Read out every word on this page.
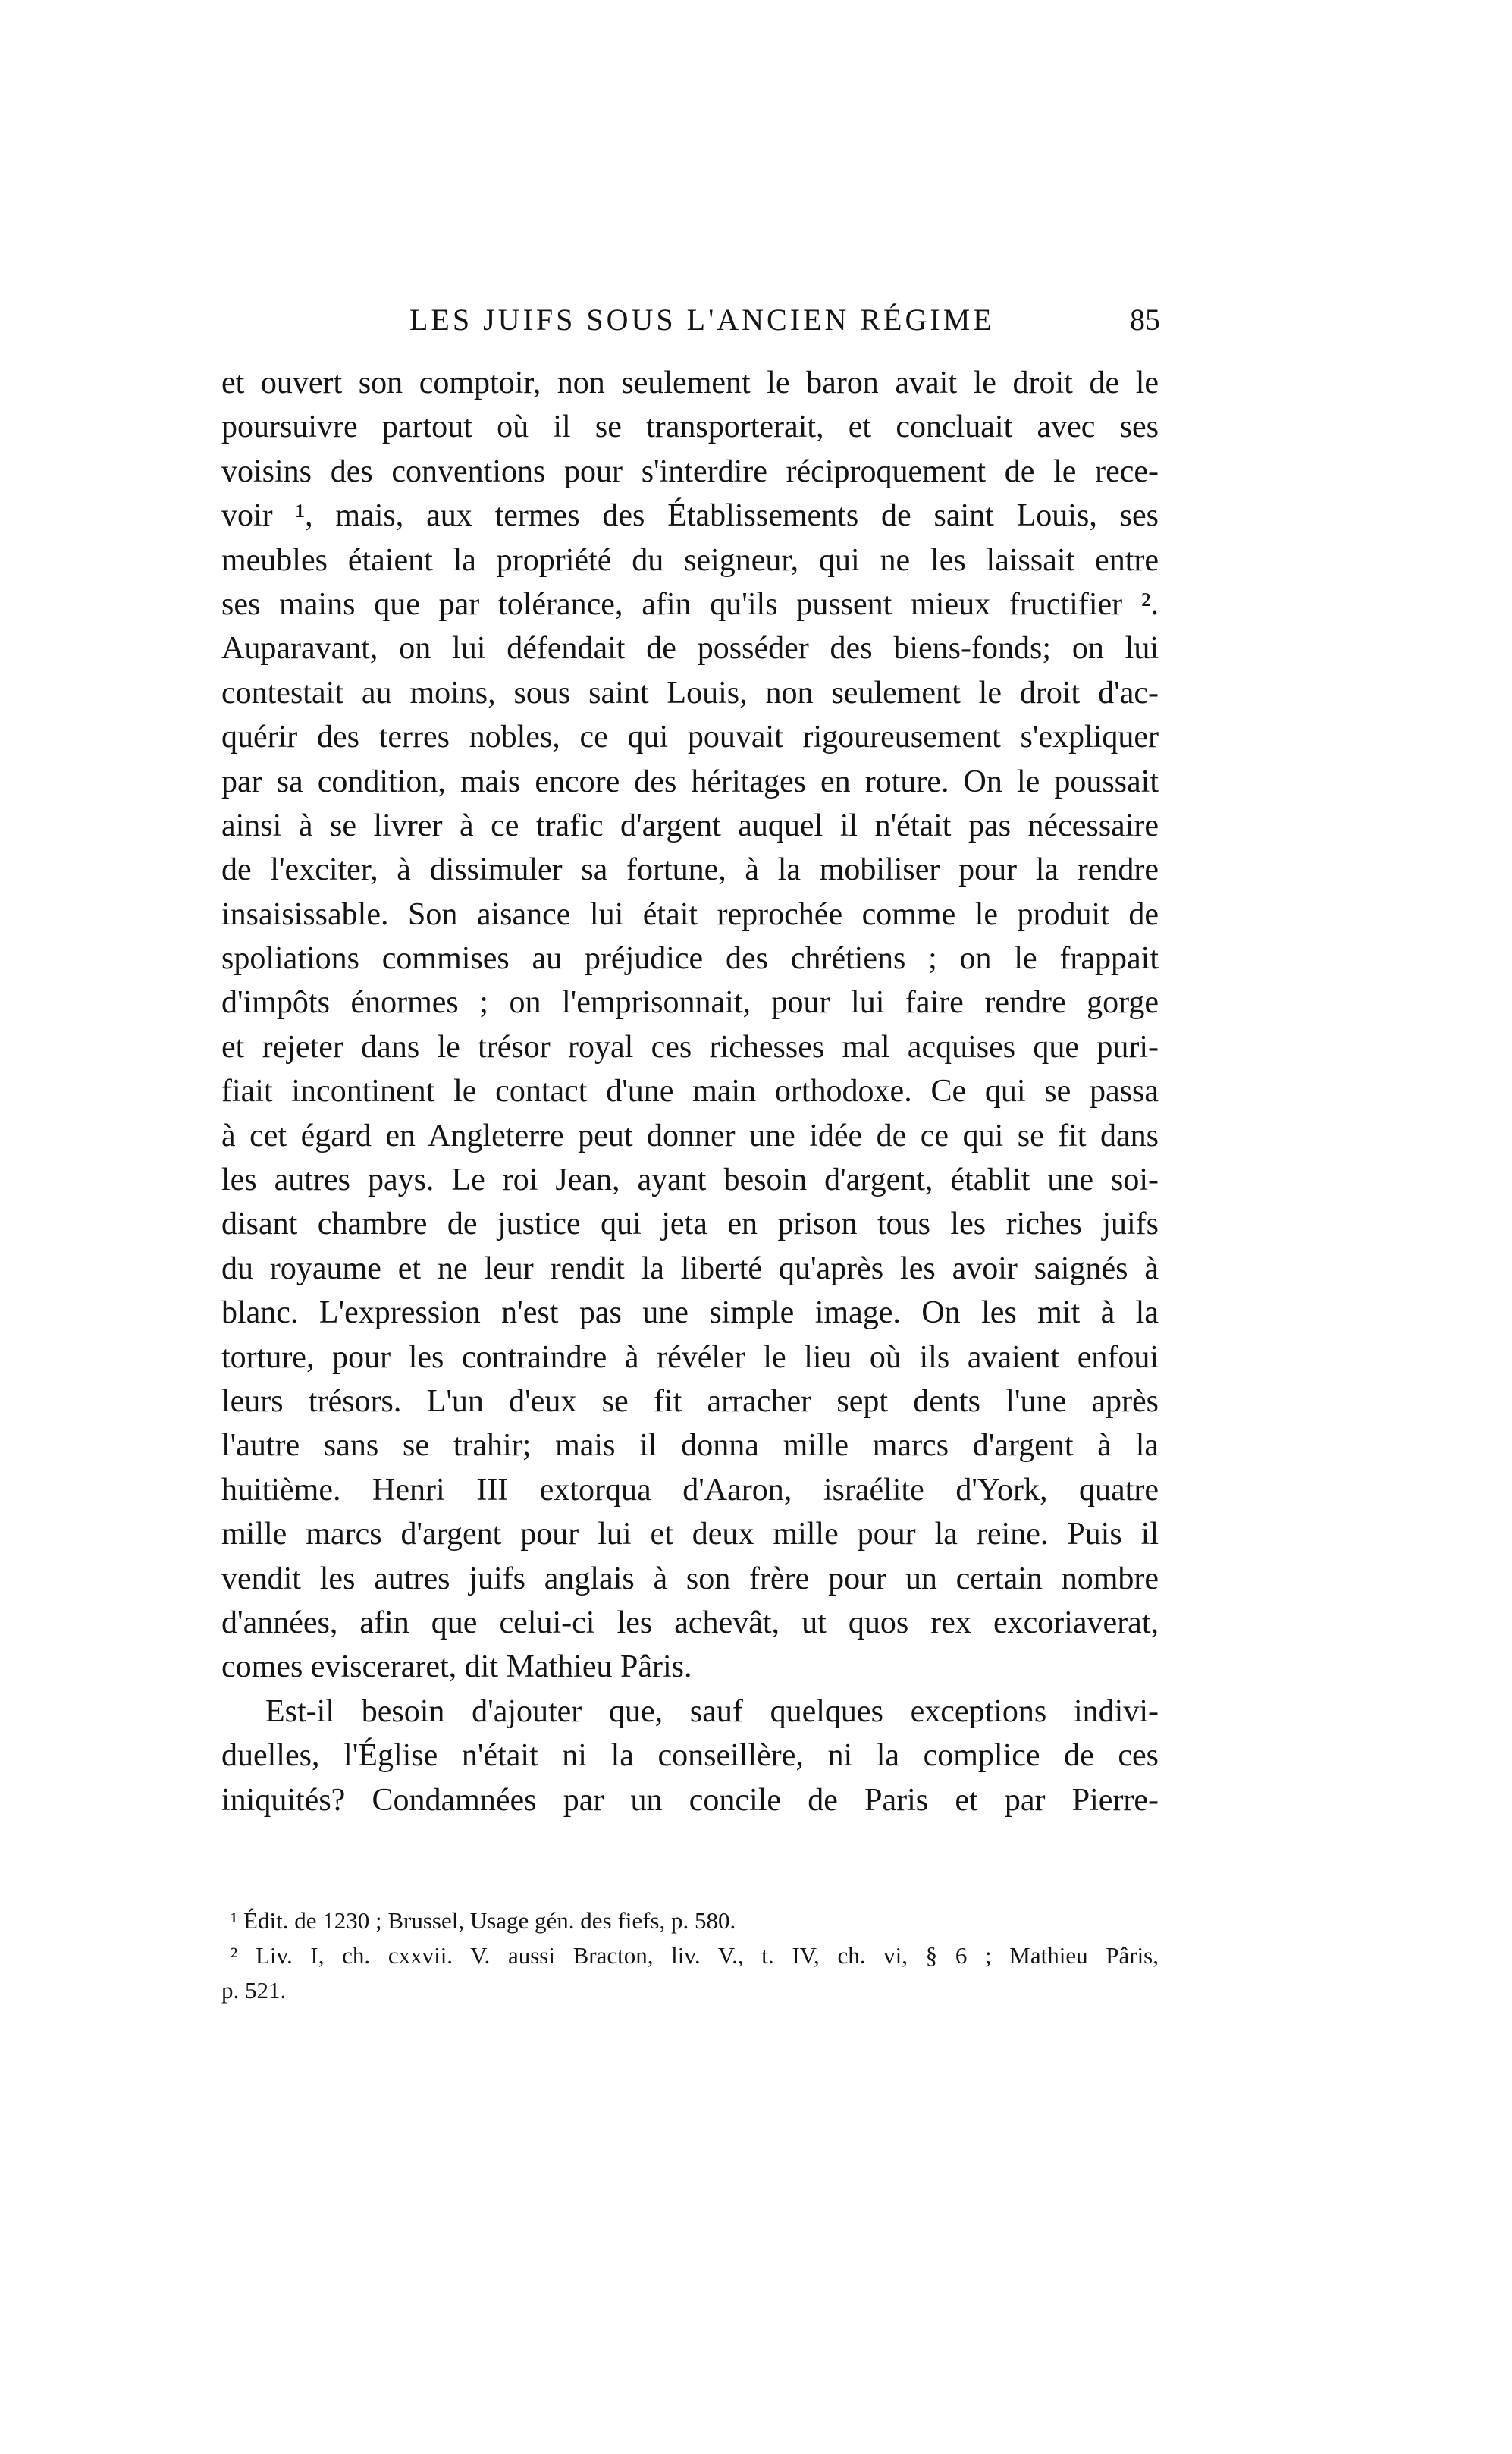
LES JUIFS SOUS L'ANCIEN RÉGIME	85
et ouvert son comptoir, non seulement le baron avait le droit de le
poursuivre partout où il se transporterait, et concluait avec ses
voisins des conventions pour s'interdire réciproquement de le rece-
voir ¹, mais, aux termes des Établissements de saint Louis, ses
meubles étaient la propriété du seigneur, qui ne les laissait entre
ses mains que par tolérance, afin qu'ils pussent mieux fructifier ².
Auparavant, on lui défendait de posséder des biens-fonds; on lui
contestait au moins, sous saint Louis, non seulement le droit d'ac-
quérir des terres nobles, ce qui pouvait rigoureusement s'expliquer
par sa condition, mais encore des héritages en roture. On le poussait
ainsi à se livrer à ce trafic d'argent auquel il n'était pas nécessaire
de l'exciter, à dissimuler sa fortune, à la mobiliser pour la rendre
insaisissable. Son aisance lui était reprochée comme le produit de
spoliations commises au préjudice des chrétiens ; on le frappait
d'impôts énormes ; on l'emprisonnait, pour lui faire rendre gorge
et rejeter dans le trésor royal ces richesses mal acquises que puri-
fiait incontinent le contact d'une main orthodoxe. Ce qui se passa
à cet égard en Angleterre peut donner une idée de ce qui se fit dans
les autres pays. Le roi Jean, ayant besoin d'argent, établit une soi-
disant chambre de justice qui jeta en prison tous les riches juifs
du royaume et ne leur rendit la liberté qu'après les avoir saignés à
blanc. L'expression n'est pas une simple image. On les mit à la
torture, pour les contraindre à révéler le lieu où ils avaient enfoui
leurs trésors. L'un d'eux se fit arracher sept dents l'une après
l'autre sans se trahir; mais il donna mille marcs d'argent à la
huitième. Henri III extorqua d'Aaron, israélite d'York, quatre
mille marcs d'argent pour lui et deux mille pour la reine. Puis il
vendit les autres juifs anglais à son frère pour un certain nombre
d'années, afin que celui-ci les achevât, ut quos rex excoriaverat,
comes evisceraret, dit Mathieu Pâris.
Est-il besoin d'ajouter que, sauf quelques exceptions indivi-
duelles, l'Église n'était ni la conseillère, ni la complice de ces
iniquités? Condamnées par un concile de Paris et par Pierre-
¹ Édit. de 1230 ; Brussel, Usage gén. des fiefs, p. 580.
² Liv. I, ch. cxxvii. V. aussi Bracton, liv. V., t. IV, ch. vi, § 6 ; Mathieu Pâris,
p. 521.
